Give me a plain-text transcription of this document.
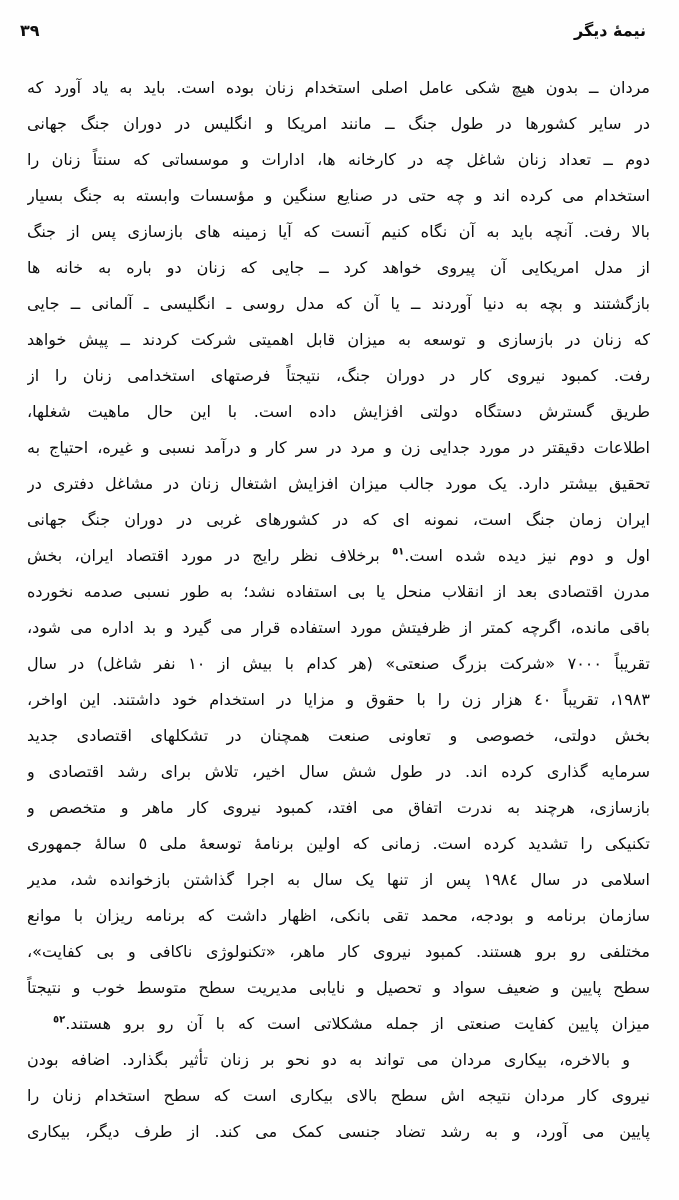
نیمۀ دیگر
٣٩
مردان ــ بدون هیچ شکی عامل اصلی استخدام زنان بوده است. باید به یاد آورد که
در سایر کشورها در طول جنگ ــ مانند امریکا و انگلیس در دوران جنگ جهانی
دوم ــ تعداد زنان شاغل چه در کارخانه ها، ادارات و موسساتی که سنتاً زنان را
استخدام می کرده اند و چه حتی در صنایع سنگین و مؤسسات وابسته به جنگ بسیار
بالا رفت. آنچه باید به آن نگاه کنیم آنست که آیا زمینه های بازسازی پس از جنگ
از مدل امریکایی آن پیروی خواهد کرد ــ جایی که زنان دو باره به خانه ها
بازگشتند و بچه به دنیا آوردند ــ یا آن که مدل روسی ـ انگلیسی ـ آلمانی ــ جایی
که زنان در بازسازی و توسعه به میزان قابل اهمیتی شرکت کردند ــ پیش خواهد
رفت. کمبود نیروی کار در دوران جنگ، نتیجتاً فرصتهای استخدامی زنان را از
طریق گسترش دستگاه دولتی افزایش داده است. با این حال ماهیت شغلها،
اطلاعات دقیقتر در مورد جدایی زن و مرد در سر کار و درآمد نسبی و غیره، احتیاج به
تحقیق بیشتر دارد. یک مورد جالب میزان افزایش اشتغال زنان در مشاغل دفتری در
ایران زمان جنگ است، نمونه ای که در کشورهای غربی در دوران جنگ جهانی
اول و دوم نیز دیده شده است.$^{٥١}$ برخلاف نظر رایج در مورد اقتصاد ایران، بخش
مدرن اقتصادی بعد از انقلاب منحل یا بی استفاده نشد؛ به طور نسبی صدمه نخورده
باقی مانده، اگرچه کمتر از ظرفیتش مورد استفاده قرار می گیرد و بد اداره می شود،
تقریباً ٧٠٠٠ «شرکت بزرگ صنعتی» (هر کدام با بیش از ١٠ نفر شاغل) در سال
١٩٨٣، تقریباً ٤٠ هزار زن را با حقوق و مزایا در استخدام خود داشتند. این اواخر،
بخش دولتی، خصوصی و تعاونی صنعت همچنان در تشکلهای اقتصادی جدید
سرمایه گذاری کرده اند. در طول شش سال اخیر، تلاش برای رشد اقتصادی و
بازسازی، هرچند به ندرت اتفاق می افتد، کمبود نیروی کار ماهر و متخصص و
تکنیکی را تشدید کرده است. زمانی که اولین برنامۀ توسعۀ ملی ٥ سالۀ جمهوری
اسلامی در سال ١٩٨٤ پس از تنها یک سال به اجرا گذاشتن بازخوانده شد، مدیر
سازمان برنامه و بودجه، محمد تقی بانکی، اظهار داشت که برنامه ریزان با موانع
مختلفی رو برو هستند. کمبود نیروی کار ماهر، «تکنولوژی ناکافی و بی کفایت»،
سطح پایین و ضعیف سواد و تحصیل و نایابی مدیریت سطح متوسط خوب و نتیجتاً
میزان پایین کفایت صنعتی از جمله مشکلاتی است که با آن رو برو هستند.$^{٥٢}$
و بالاخره، بیکاری مردان می تواند به دو نحو بر زنان تأثیر بگذارد. اضافه بودن
نیروی کار مردان نتیجه اش سطح بالای بیکاری است که سطح استخدام زنان را
پایین می آورد، و به رشد تضاد جنسی کمک می کند. از طرف دیگر، بیکاری
